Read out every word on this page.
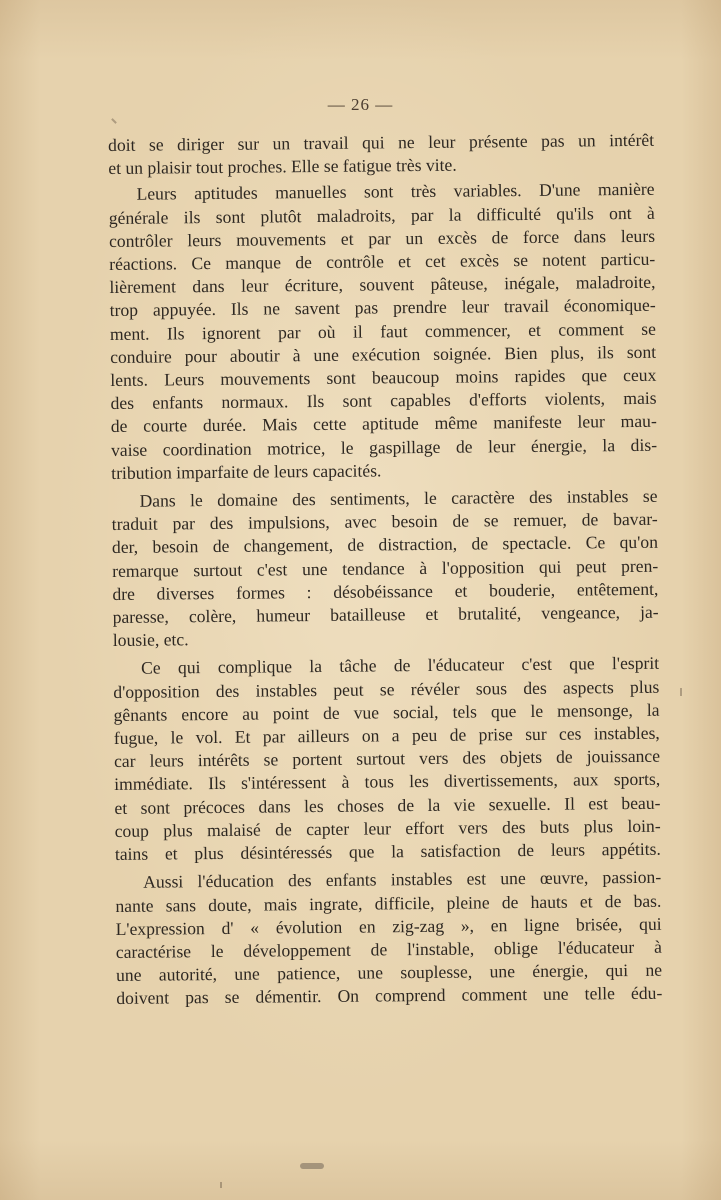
— 26 —
doit se diriger sur un travail qui ne leur présente pas un intérêt
et un plaisir tout proches. Elle se fatigue très vite.
Leurs aptitudes manuelles sont très variables. D'une manière
générale ils sont plutôt maladroits, par la difficulté qu'ils ont à
contrôler leurs mouvements et par un excès de force dans leurs
réactions. Ce manque de contrôle et cet excès se notent particu-
lièrement dans leur écriture, souvent pâteuse, inégale, maladroite,
trop appuyée. Ils ne savent pas prendre leur travail économique-
ment. Ils ignorent par où il faut commencer, et comment se
conduire pour aboutir à une exécution soignée. Bien plus, ils sont
lents. Leurs mouvements sont beaucoup moins rapides que ceux
des enfants normaux. Ils sont capables d'efforts violents, mais
de courte durée. Mais cette aptitude même manifeste leur mau-
vaise coordination motrice, le gaspillage de leur énergie, la dis-
tribution imparfaite de leurs capacités.
Dans le domaine des sentiments, le caractère des instables se
traduit par des impulsions, avec besoin de se remuer, de bavar-
der, besoin de changement, de distraction, de spectacle. Ce qu'on
remarque surtout c'est une tendance à l'opposition qui peut pren-
dre diverses formes : désobéissance et bouderie, entêtement,
paresse, colère, humeur batailleuse et brutalité, vengeance, ja-
lousie, etc.
Ce qui complique la tâche de l'éducateur c'est que l'esprit
d'opposition des instables peut se révéler sous des aspects plus
gênants encore au point de vue social, tels que le mensonge, la
fugue, le vol. Et par ailleurs on a peu de prise sur ces instables,
car leurs intérêts se portent surtout vers des objets de jouissance
immédiate. Ils s'intéressent à tous les divertissements, aux sports,
et sont précoces dans les choses de la vie sexuelle. Il est beau-
coup plus malaisé de capter leur effort vers des buts plus loin-
tains et plus désintéressés que la satisfaction de leurs appétits.
Aussi l'éducation des enfants instables est une œuvre, passion-
nante sans doute, mais ingrate, difficile, pleine de hauts et de bas.
L'expression d' « évolution en zig-zag », en ligne brisée, qui
caractérise le développement de l'instable, oblige l'éducateur à
une autorité, une patience, une souplesse, une énergie, qui ne
doivent pas se démentir. On comprend comment une telle édu-
